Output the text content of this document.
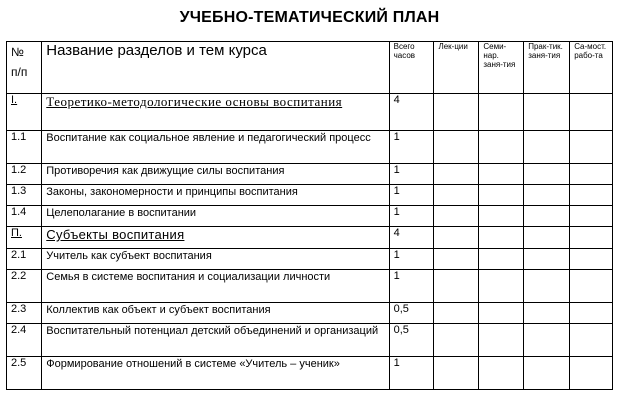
УЧЕБНО-ТЕМАТИЧЕСКИЙ ПЛАН
№
п/п	Название разделов и тем курса	Всего часов	Лек-ции	Семи-нар. заня-тия	Прак-тик. заня-тия	Са-мост. рабо-та
I.	Теоретико-методологические основы воспитания	4				
1.1	Воспитание как социальное явление и педагогический процесс	1				
1.2	Противоречия как движущие силы воспитания	1				
1.3	Законы, закономерности и принципы воспитания	1				
1.4	Целеполагание в воспитании	1				
П.	Субъекты воспитания	4				
2.1	Учитель как субъект воспитания	1				
2.2	Семья в системе воспитания и социализации личности	1				
2.3	Коллектив как объект и субъект воспитания	0,5				
2.4	Воспитательный потенциал детский объединений и организаций	0,5				
2.5	Формирование отношений в системе «Учитель – ученик»	1				
